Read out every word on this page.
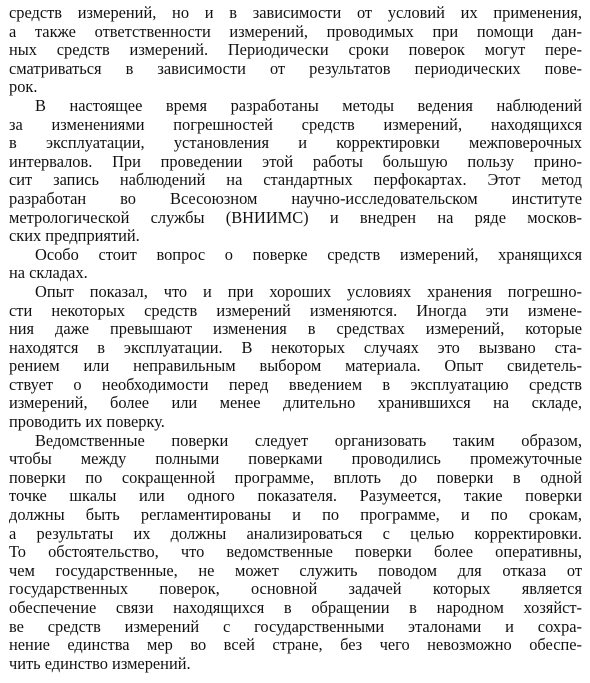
средств измерений, но и в зависимости от условий их применения,
а также ответственности измерений, проводимых при помощи дан-
ных средств измерений. Периодически сроки поверок могут пере-
сматриваться в зависимости от результатов периодических пове-
рок.
В настоящее время разработаны методы ведения наблюдений
за изменениями погрешностей средств измерений, находящихся
в эксплуатации, установления и корректировки межповерочных
интервалов. При проведении этой работы большую пользу прино-
сит запись наблюдений на стандартных перфокартах. Этот метод
разработан во Всесоюзном научно-исследовательском институте
метрологической службы (ВНИИМС) и внедрен на ряде москов-
ских предприятий.
Особо стоит вопрос о поверке средств измерений, хранящихся
на складах.
Опыт показал, что и при хороших условиях хранения погрешно-
сти некоторых средств измерений изменяются. Иногда эти измене-
ния даже превышают изменения в средствах измерений, которые
находятся в эксплуатации. В некоторых случаях это вызвано ста-
рением или неправильным выбором материала. Опыт свидетель-
ствует о необходимости перед введением в эксплуатацию средств
измерений, более или менее длительно хранившихся на складе,
проводить их поверку.
Ведомственные поверки следует организовать таким образом,
чтобы между полными поверками проводились промежуточные
поверки по сокращенной программе, вплоть до поверки в одной
точке шкалы или одного показателя. Разумеется, такие поверки
должны быть регламентированы и по программе, и по срокам,
а результаты их должны анализироваться с целью корректировки.
То обстоятельство, что ведомственные поверки более оперативны,
чем государственные, не может служить поводом для отказа от
государственных поверок, основной задачей которых является
обеспечение связи находящихся в обращении в народном хозяйст-
ве средств измерений с государственными эталонами и сохра-
нение единства мер во всей стране, без чего невозможно обеспе-
чить единство измерений.
